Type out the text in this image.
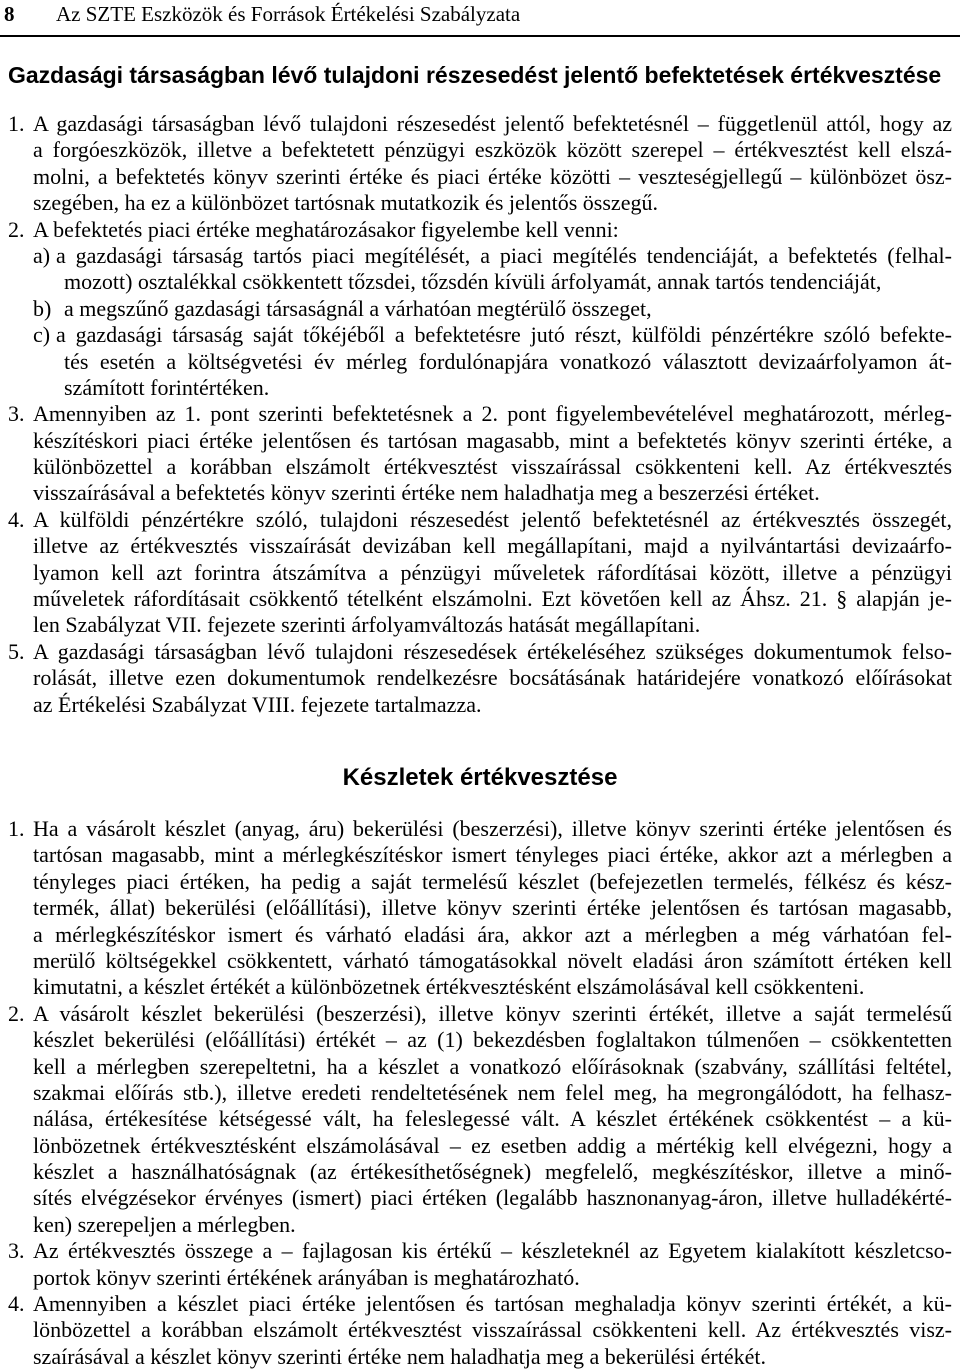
8 Az SZTE Eszközök és Források Értékelési Szabályzata
Gazdasági társaságban lévő tulajdoni részesedést jelentő befektetések értékvesztése
1. A gazdasági társaságban lévő tulajdoni részesedést jelentő befektetésnél – függetlenül attól, hogy az
a forgóeszközök, illetve a befektetett pénzügyi eszközök között szerepel – értékvesztést kell elszá-
molni, a befektetés könyv szerinti értéke és piaci értéke közötti – veszteségjellegű – különbözet ösz-
szegében, ha ez a különbözet tartósnak mutatkozik és jelentős összegű.
2. A befektetés piaci értéke meghatározásakor figyelembe kell venni:
a) a gazdasági társaság tartós piaci megítélését, a piaci megítélés tendenciáját, a befektetés (felhal-
mozott) osztalékkal csökkentett tőzsdei, tőzsdén kívüli árfolyamát, annak tartós tendenciáját,
b) a megszűnő gazdasági társaságnál a várhatóan megtérülő összeget,
c) a gazdasági társaság saját tőkéjéből a befektetésre jutó részt, külföldi pénzértékre szóló befekte-
tés esetén a költségvetési év mérleg fordulónapjára vonatkozó választott devizaárfolyamon át-
számított forintértéken.
3. Amennyiben az 1. pont szerinti befektetésnek a 2. pont figyelembevételével meghatározott, mérleg-
készítéskori piaci értéke jelentősen és tartósan magasabb, mint a befektetés könyv szerinti értéke, a
különbözettel a korábban elszámolt értékvesztést visszaírással csökkenteni kell. Az értékvesztés
visszaírásával a befektetés könyv szerinti értéke nem haladhatja meg a beszerzési értéket.
4. A külföldi pénzértékre szóló, tulajdoni részesedést jelentő befektetésnél az értékvesztés összegét,
illetve az értékvesztés visszaírását devizában kell megállapítani, majd a nyilvántartási devizaárfo-
lyamon kell azt forintra átszámítva a pénzügyi műveletek ráfordításai között, illetve a pénzügyi
műveletek ráfordításait csökkentő tételként elszámolni. Ezt követően kell az Áhsz. 21. § alapján je-
len Szabályzat VII. fejezete szerinti árfolyamváltozás hatását megállapítani.
5. A gazdasági társaságban lévő tulajdoni részesedések értékeléséhez szükséges dokumentumok felso-
rolását, illetve ezen dokumentumok rendelkezésre bocsátásának határidejére vonatkozó előírásokat
az Értékelési Szabályzat VIII. fejezete tartalmazza.
Készletek értékvesztése
1. Ha a vásárolt készlet (anyag, áru) bekerülési (beszerzési), illetve könyv szerinti értéke jelentősen és
tartósan magasabb, mint a mérlegkészítéskor ismert tényleges piaci értéke, akkor azt a mérlegben a
tényleges piaci értéken, ha pedig a saját termelésű készlet (befejezetlen termelés, félkész és kész-
termék, állat) bekerülési (előállítási), illetve könyv szerinti értéke jelentősen és tartósan magasabb,
a mérlegkészítéskor ismert és várható eladási ára, akkor azt a mérlegben a még várhatóan fel-
merülő költségekkel csökkentett, várható támogatásokkal növelt eladási áron számított értéken kell
kimutatni, a készlet értékét a különbözetnek értékvesztésként elszámolásával kell csökkenteni.
2. A vásárolt készlet bekerülési (beszerzési), illetve könyv szerinti értékét, illetve a saját termelésű
készlet bekerülési (előállítási) értékét – az (1) bekezdésben foglaltakon túlmenően – csökkentetten
kell a mérlegben szerepeltetni, ha a készlet a vonatkozó előírásoknak (szabvány, szállítási feltétel,
szakmai előírás stb.), illetve eredeti rendeltetésének nem felel meg, ha megrongálódott, ha felhasz-
nálása, értékesítése kétségessé vált, ha feleslegessé vált. A készlet értékének csökkentést – a kü-
lönbözetnek értékvesztésként elszámolásával – ez esetben addig a mértékig kell elvégezni, hogy a
készlet a használhatóságnak (az értékesíthetőségnek) megfelelő, megkészítéskor, illetve a minő-
sítés elvégzésekor érvényes (ismert) piaci értéken (legalább hasznonanyag-áron, illetve hulladékérté-
ken) szerepeljen a mérlegben.
3. Az értékvesztés összege a – fajlagosan kis értékű – készleteknél az Egyetem kialakított készletcso-
portok könyv szerinti értékének arányában is meghatározható.
4. Amennyiben a készlet piaci értéke jelentősen és tartósan meghaladja könyv szerinti értékét, a kü-
lönbözettel a korábban elszámolt értékvesztést visszaírással csökkenteni kell. Az értékvesztés visz-
szaírásával a készlet könyv szerinti értéke nem haladhatja meg a bekerülési értékét.
